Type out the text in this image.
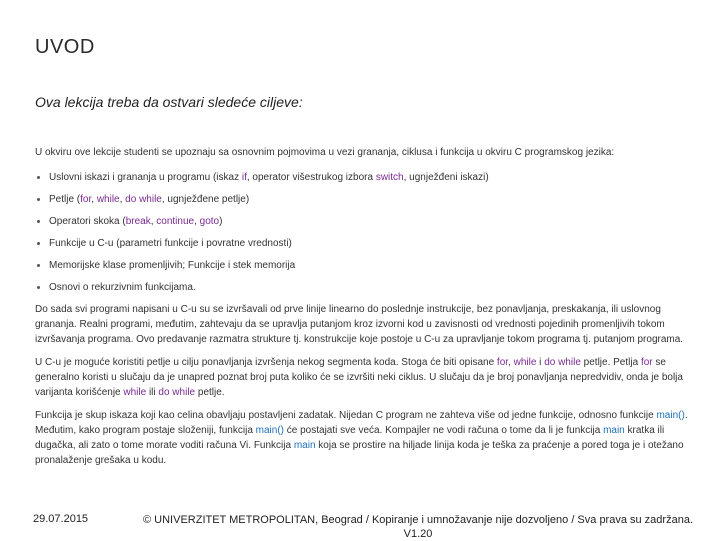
UVOD
Ova lekcija treba da ostvari sledeće ciljeve:

U okviru ove lekcije studenti se upoznaju sa osnovnim pojmovima u vezi grananja, ciklusa i funkcija u okviru C programskog jezika:

Uslovni iskazi i grananja u programu (iskaz if, operator višestrukog izbora switch, ugnježđeni iskazi)
Petlje (for, while, do while, ugnježđene petlje)
Operatori skoka (break, continue, goto)
Funkcije u C-u (parametri funkcije i povratne vrednosti)
Memorijske klase promenljivih; Funkcije i stek memorija
Osnovi o rekurzivnim funkcijama.

Do sada svi programi napisani u C-u su se izvršavali od prve linije linearno do poslednje instrukcije, bez ponavljanja, preskakanja, ili uslovnog grananja. Realni programi, međutim, zahtevaju da se upravlja putanjom kroz izvorni kod u zavisnosti od vrednosti pojedinih promenljivih tokom izvršavanja programa. Ovo predavanje razmatra strukture tj. konstrukcije koje postoje u C-u za upravljanje tokom programa tj. putanjom programa.

U C-u je moguće koristiti petlje u cilju ponavljanja izvršenja nekog segmenta koda. Stoga će biti opisane for, while i do while petlje. Petlja for se generalno koristi u slučaju da je unapred poznat broj puta koliko će se izvršiti neki ciklus. U slučaju da je broj ponavljanja nepredvidiv, onda je bolja varijanta korišćenje while ili do while petlje.

Funkcija je skup iskaza koji kao celina obavljaju postavljeni zadatak. Nijedan C program ne zahteva više od jedne funkcije, odnosno funkcije main(). Međutim, kako program postaje složeniji, funkcija main() će postajati sve veća. Kompajler ne vodi računa o tome da li je funkcija main kratka ili dugačka, ali zato o tome morate voditi računa Vi. Funkcija main koja se prostire na hiljade linija koda je teška za praćenje a pored toga je i otežano pronalaženje grešaka u kodu.

29.07.2015	© UNIVERZITET METROPOLITAN, Beograd / Kopiranje i umnožavanje nije dozvoljeno / Sva prava su zadržana. V1.20
